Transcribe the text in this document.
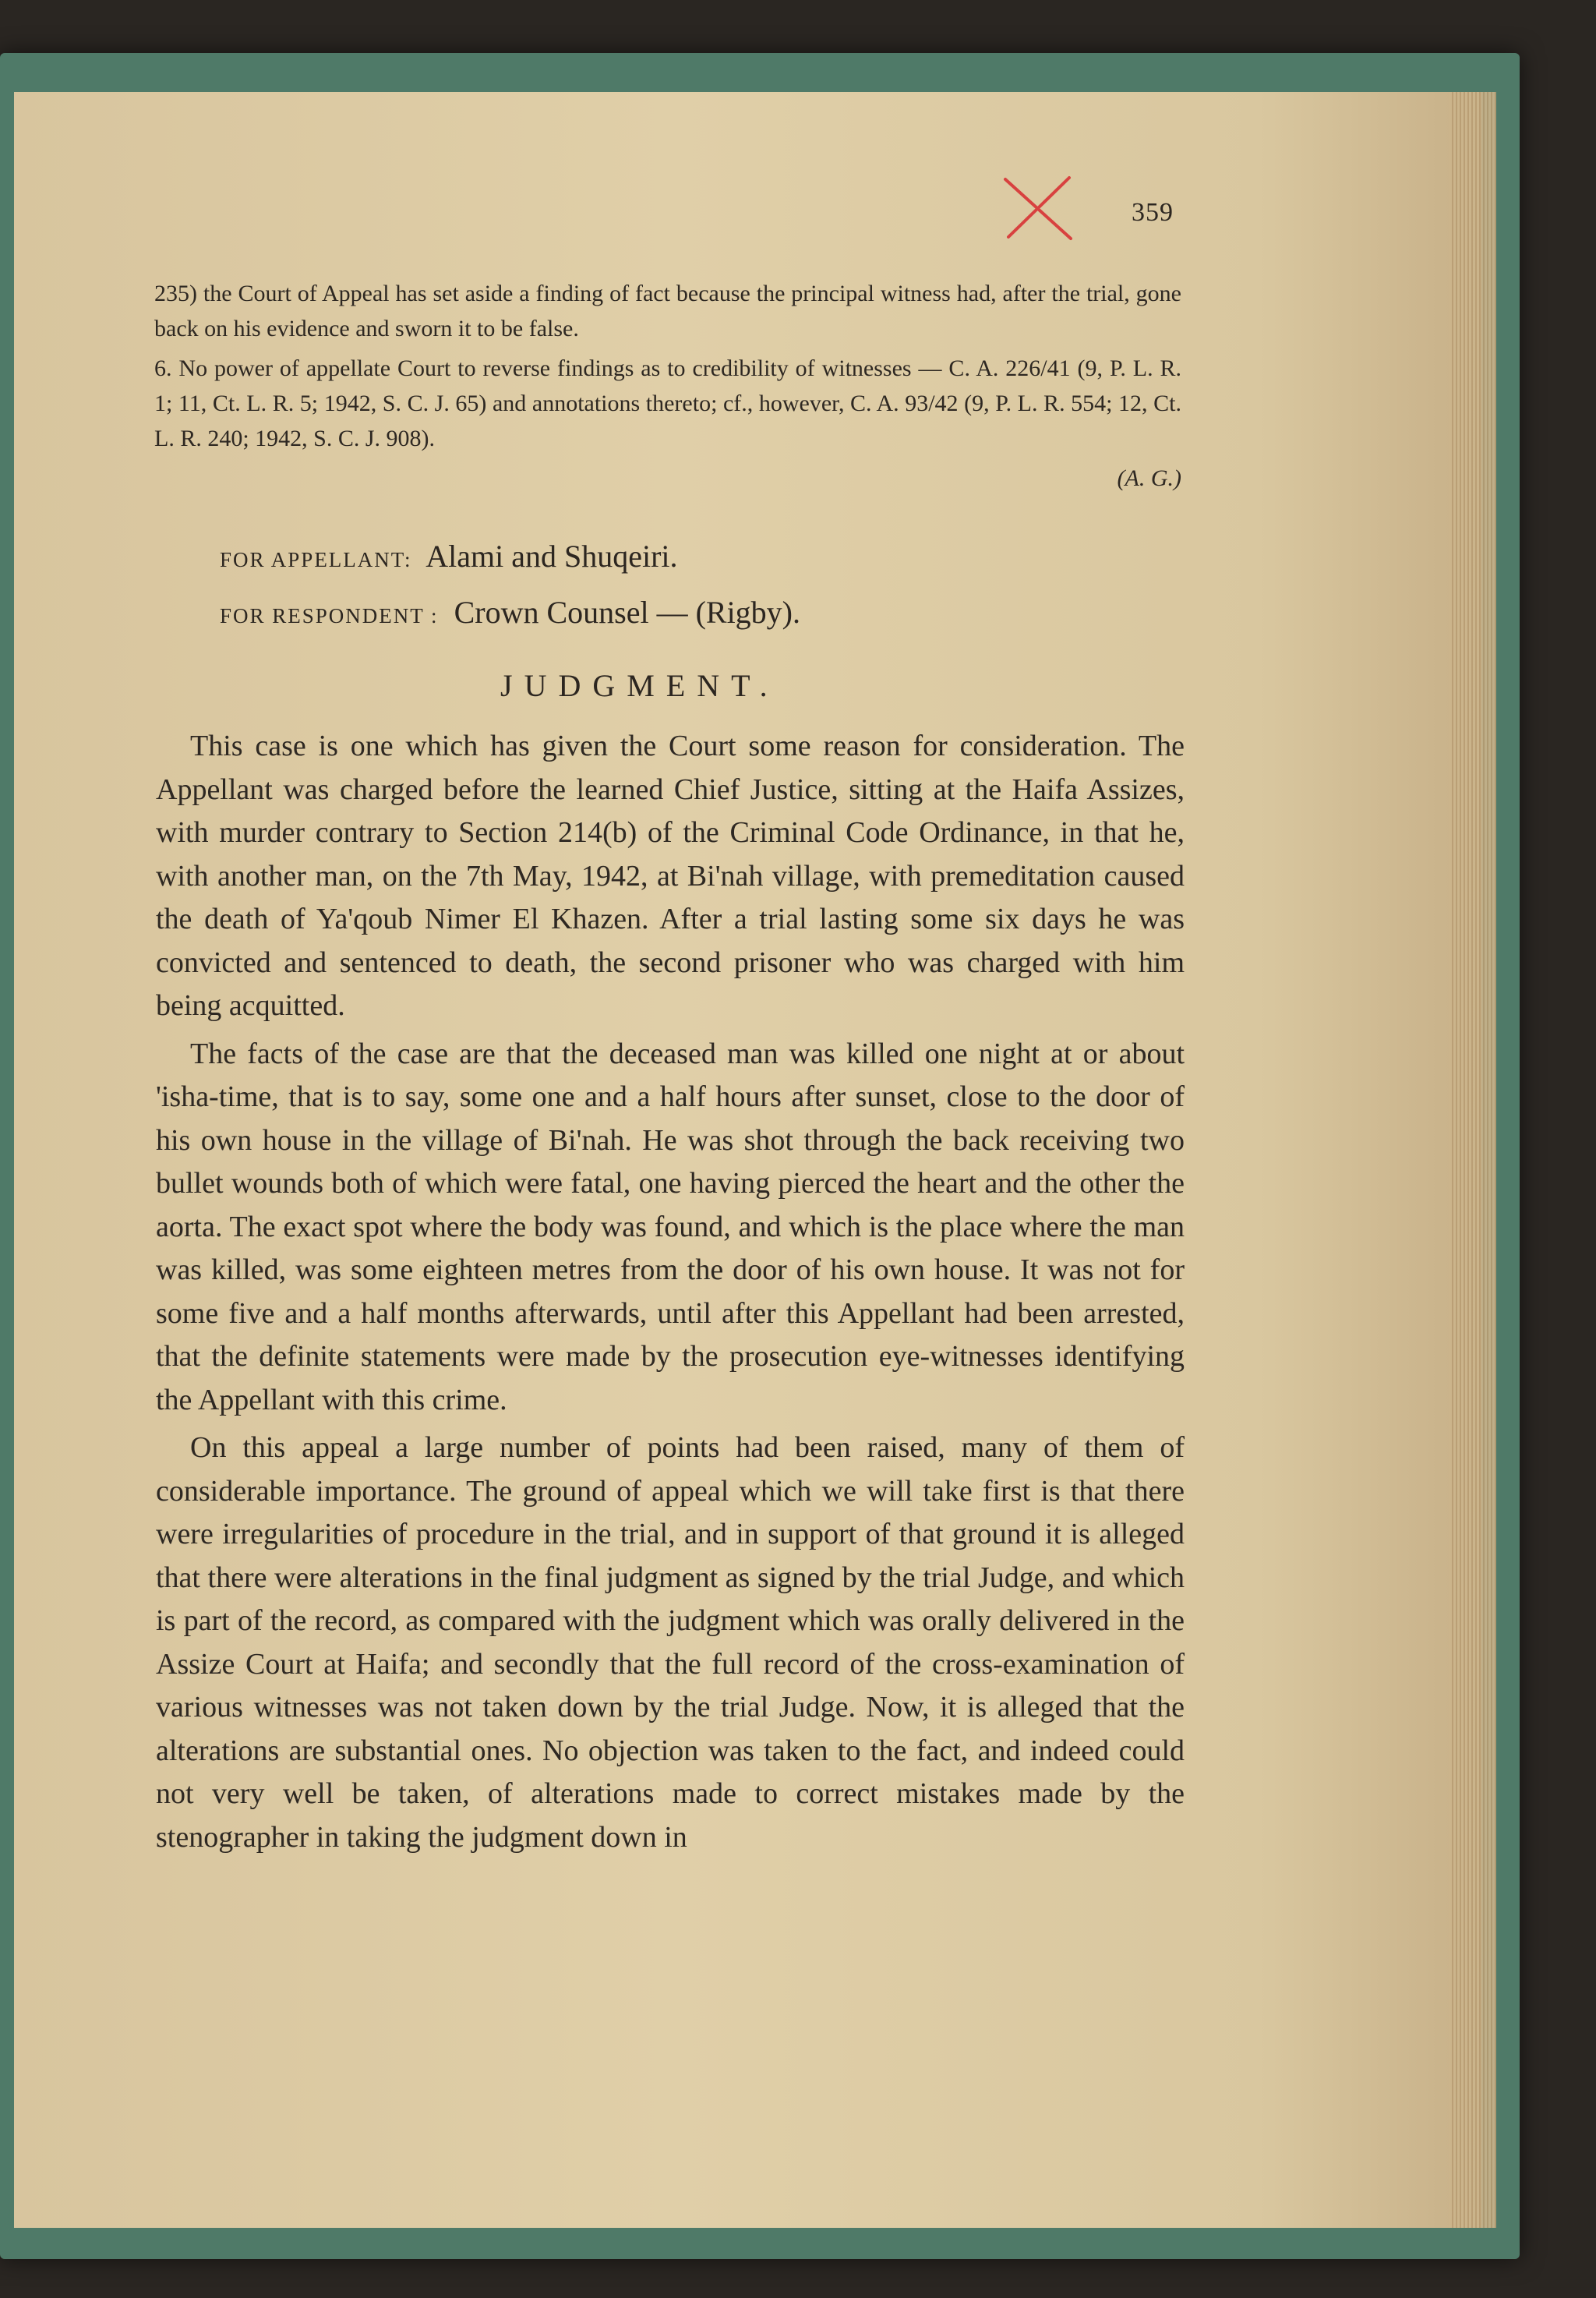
359

235) the Court of Appeal has set aside a finding of fact because the principal witness had, after the trial, gone back on his evidence and sworn it to be false.

6. No power of appellate Court to reverse findings as to credibility of witnesses — C. A. 226/41 (9, P. L. R. 1; 11, Ct. L. R. 5; 1942, S. C. J. 65) and annotations thereto; cf., however, C. A. 93/42 (9, P. L. R. 554; 12, Ct. L. R. 240; 1942, S. C. J. 908).

(A. G.)
FOR APPELLANT: Alami and Shuqeiri.
FOR RESPONDENT : Crown Counsel — (Rigby).
JUDGMENT.

This case is one which has given the Court some reason for consideration. The Appellant was charged before the learned Chief Justice, sitting at the Haifa Assizes, with murder contrary to Section 214(b) of the Criminal Code Ordinance, in that he, with another man, on the 7th May, 1942, at Bi'nah village, with premeditation caused the death of Ya'qoub Nimer El Khazen. After a trial lasting some six days he was convicted and sentenced to death, the second prisoner who was charged with him being acquitted.

The facts of the case are that the deceased man was killed one night at or about 'isha-time, that is to say, some one and a half hours after sunset, close to the door of his own house in the village of Bi'nah. He was shot through the back receiving two bullet wounds both of which were fatal, one having pierced the heart and the other the aorta. The exact spot where the body was found, and which is the place where the man was killed, was some eighteen metres from the door of his own house. It was not for some five and a half months afterwards, until after this Appellant had been arrested, that the definite statements were made by the prosecution eye-witnesses identifying the Appellant with this crime.

On this appeal a large number of points had been raised, many of them of considerable importance. The ground of appeal which we will take first is that there were irregularities of procedure in the trial, and in support of that ground it is alleged that there were alterations in the final judgment as signed by the trial Judge, and which is part of the record, as compared with the judgment which was orally delivered in the Assize Court at Haifa; and secondly that the full record of the cross-examination of various witnesses was not taken down by the trial Judge. Now, it is alleged that the alterations are substantial ones. No objection was taken to the fact, and indeed could not very well be taken, of alterations made to correct mistakes made by the stenographer in taking the judgment down in
